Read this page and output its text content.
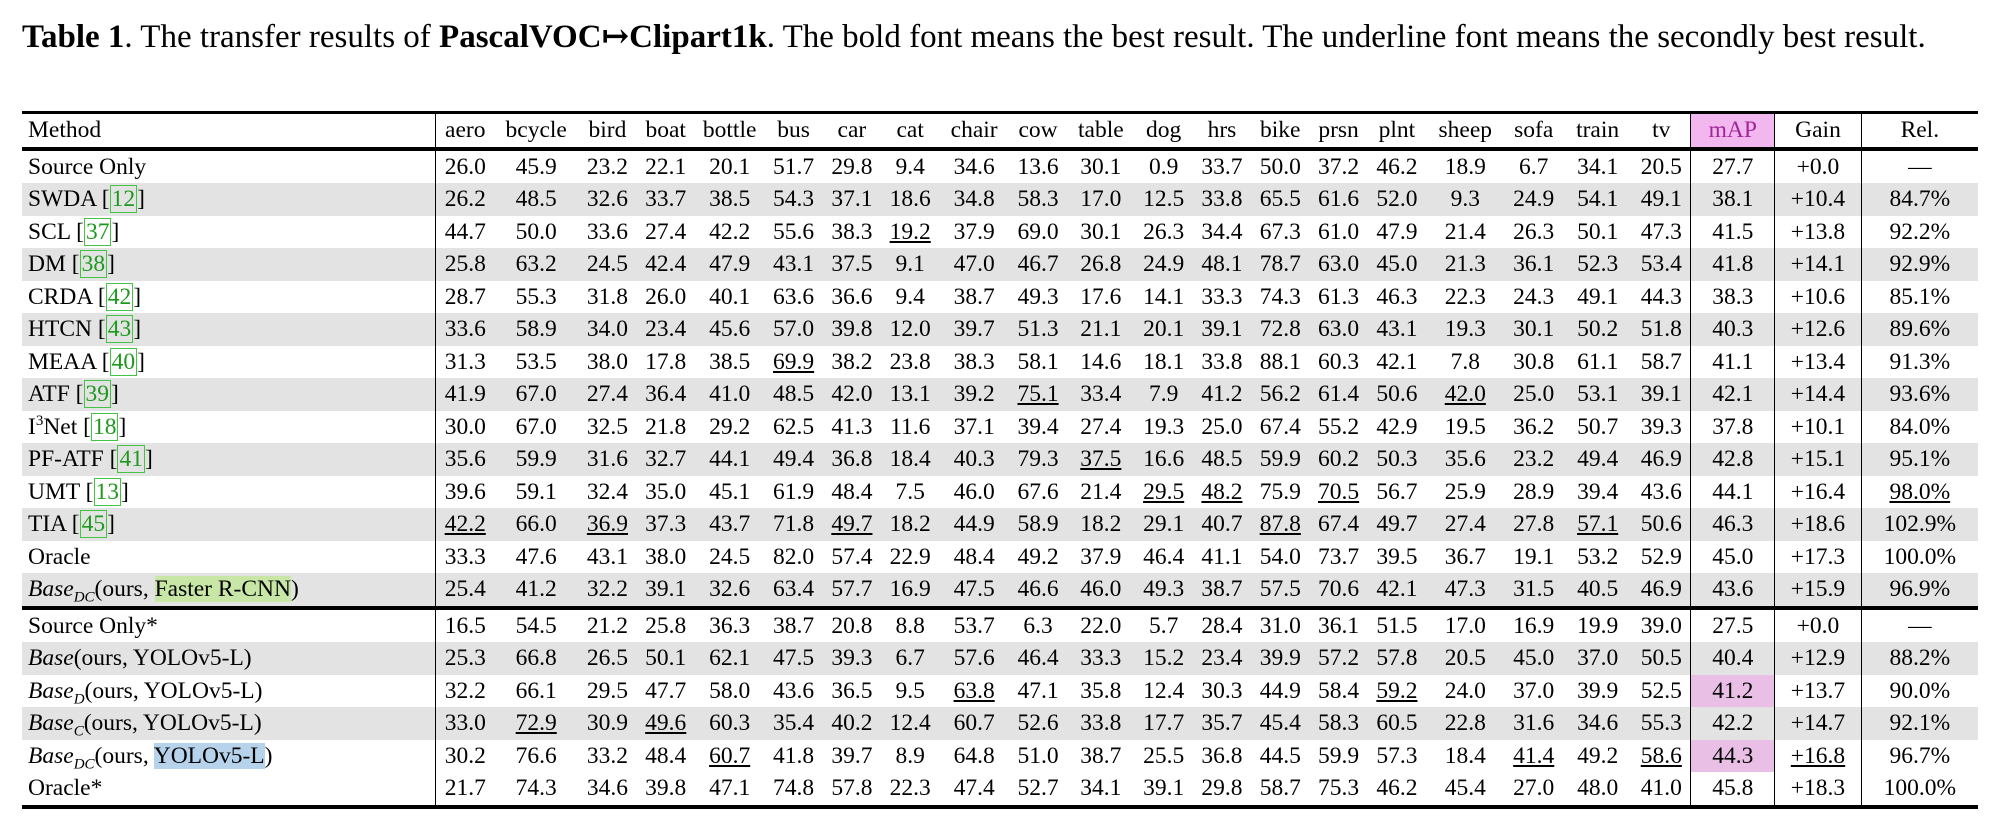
Table 1. The transfer results of PascalVOC↦Clipart1k. The bold font means the best result. The underline font means the secondly best result.
Method	aero	bcycle	bird	boat	bottle	bus	car	cat	chair	cow	table	dog	hrs	bike	prsn	plnt	sheep	sofa	train	tv	mAP	Gain	Rel.
Source Only	26.0	45.9	23.2	22.1	20.1	51.7	29.8	9.4	34.6	13.6	30.1	0.9	33.7	50.0	37.2	46.2	18.9	6.7	34.1	20.5	27.7	+0.0	—
SWDA [12]	26.2	48.5	32.6	33.7	38.5	54.3	37.1	18.6	34.8	58.3	17.0	12.5	33.8	65.5	61.6	52.0	9.3	24.9	54.1	49.1	38.1	+10.4	84.7%
SCL [37]	44.7	50.0	33.6	27.4	42.2	55.6	38.3	19.2	37.9	69.0	30.1	26.3	34.4	67.3	61.0	47.9	21.4	26.3	50.1	47.3	41.5	+13.8	92.2%
DM [38]	25.8	63.2	24.5	42.4	47.9	43.1	37.5	9.1	47.0	46.7	26.8	24.9	48.1	78.7	63.0	45.0	21.3	36.1	52.3	53.4	41.8	+14.1	92.9%
CRDA [42]	28.7	55.3	31.8	26.0	40.1	63.6	36.6	9.4	38.7	49.3	17.6	14.1	33.3	74.3	61.3	46.3	22.3	24.3	49.1	44.3	38.3	+10.6	85.1%
HTCN [43]	33.6	58.9	34.0	23.4	45.6	57.0	39.8	12.0	39.7	51.3	21.1	20.1	39.1	72.8	63.0	43.1	19.3	30.1	50.2	51.8	40.3	+12.6	89.6%
MEAA [40]	31.3	53.5	38.0	17.8	38.5	69.9	38.2	23.8	38.3	58.1	14.6	18.1	33.8	88.1	60.3	42.1	7.8	30.8	61.1	58.7	41.1	+13.4	91.3%
ATF [39]	41.9	67.0	27.4	36.4	41.0	48.5	42.0	13.1	39.2	75.1	33.4	7.9	41.2	56.2	61.4	50.6	42.0	25.0	53.1	39.1	42.1	+14.4	93.6%
$I^3Net$ [18]	30.0	67.0	32.5	21.8	29.2	62.5	41.3	11.6	37.1	39.4	27.4	19.3	25.0	67.4	55.2	42.9	19.5	36.2	50.7	39.3	37.8	+10.1	84.0%
PF-ATF [41]	35.6	59.9	31.6	32.7	44.1	49.4	36.8	18.4	40.3	79.3	37.5	16.6	48.5	59.9	60.2	50.3	35.6	23.2	49.4	46.9	42.8	+15.1	95.1%
UMT [13]	39.6	59.1	32.4	35.0	45.1	61.9	48.4	7.5	46.0	67.6	21.4	29.5	48.2	75.9	70.5	56.7	25.9	28.9	39.4	43.6	44.1	+16.4	98.0%
TIA [45]	42.2	66.0	36.9	37.3	43.7	71.8	49.7	18.2	44.9	58.9	18.2	29.1	40.7	87.8	67.4	49.7	27.4	27.8	57.1	50.6	46.3	+18.6	102.9%
Oracle	33.3	47.6	43.1	38.0	24.5	82.0	57.4	22.9	48.4	49.2	37.9	46.4	41.1	54.0	73.7	39.5	36.7	19.1	53.2	52.9	45.0	+17.3	100.0%
Base$_{DC}$(ours, Faster R-CNN)	25.4	41.2	32.2	39.1	32.6	63.4	57.7	16.9	47.5	46.6	46.0	49.3	38.7	57.5	70.6	42.1	47.3	31.5	40.5	46.9	43.6	+15.9	96.9%
Source Only*	16.5	54.5	21.2	25.8	36.3	38.7	20.8	8.8	53.7	6.3	22.0	5.7	28.4	31.0	36.1	51.5	17.0	16.9	19.9	39.0	27.5	+0.0	—
Base(ours, YOLOv5-L)	25.3	66.8	26.5	50.1	62.1	47.5	39.3	6.7	57.6	46.4	33.3	15.2	23.4	39.9	57.2	57.8	20.5	45.0	37.0	50.5	40.4	+12.9	88.2%
Base$_D$(ours, YOLOv5-L)	32.2	66.1	29.5	47.7	58.0	43.6	36.5	9.5	63.8	47.1	35.8	12.4	30.3	44.9	58.4	59.2	24.0	37.0	39.9	52.5	41.2	+13.7	90.0%
Base$_C$(ours, YOLOv5-L)	33.0	72.9	30.9	49.6	60.3	35.4	40.2	12.4	60.7	52.6	33.8	17.7	35.7	45.4	58.3	60.5	22.8	31.6	34.6	55.3	42.2	+14.7	92.1%
Base$_{DC}$(ours, YOLOv5-L)	30.2	76.6	33.2	48.4	60.7	41.8	39.7	8.9	64.8	51.0	38.7	25.5	36.8	44.5	59.9	57.3	18.4	41.4	49.2	58.6	44.3	+16.8	96.7%
Oracle*	21.7	74.3	34.6	39.8	47.1	74.8	57.8	22.3	47.4	52.7	34.1	39.1	29.8	58.7	75.3	46.2	45.4	27.0	48.0	41.0	45.8	+18.3	100.0%
